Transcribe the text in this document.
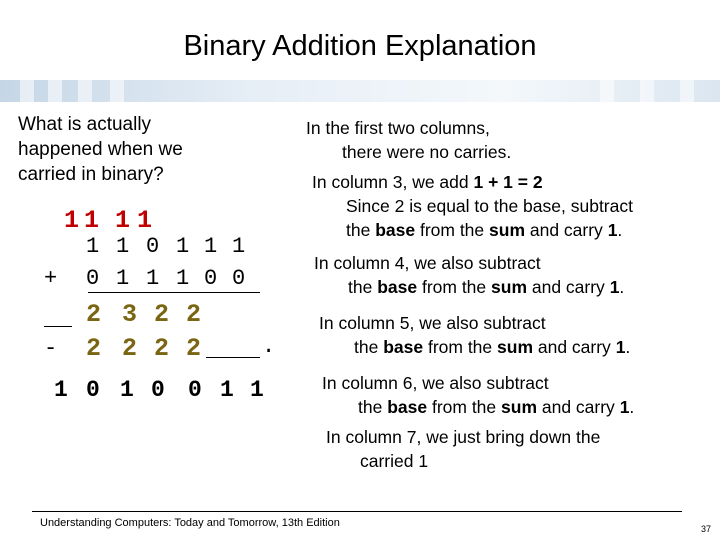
Binary Addition Explanation
What is actually
happened when we
carried in binary?
1 1 1 1
1 1 0 1 1 1
+ 0 1 1 1 0 0
2 3 2 2
- 2 2 2 2	.
1 0 1 0 0 1 1
In the first two columns,
there were no carries.
In column 3, we add 1 + 1 = 2
Since 2 is equal to the base, subtract
the base from the sum and carry 1.
In column 4, we also subtract
the base from the sum and carry 1.
In column 5, we also subtract
the base from the sum and carry 1.
In column 6, we also subtract
the base from the sum and carry 1.
In column 7, we just bring down the
carried 1
Understanding Computers: Today and Tomorrow, 13th Edition	37
